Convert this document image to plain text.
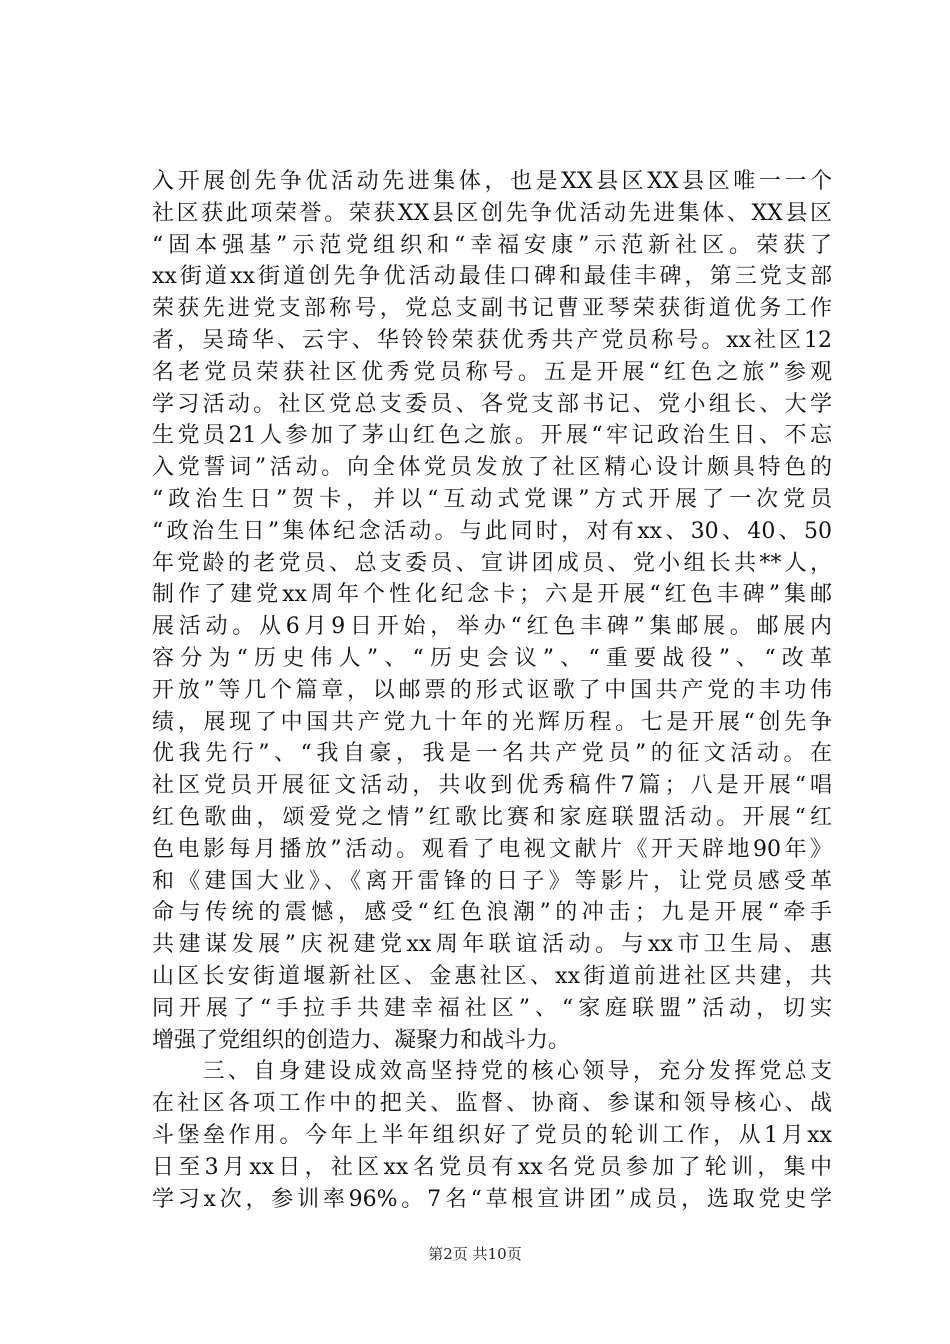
入开展创先争优活动先进集体，也是XX县区XX县区唯一一个
社区获此项荣誉。荣获XX县区创先争优活动先进集体、XX县区
“固本强基”示范党组织和“幸福安康”示范新社区。荣获了
xx街道xx街道创先争优活动最佳口碑和最佳丰碑，第三党支部
荣获先进党支部称号，党总支副书记曹亚琴荣获街道优务工作
者，吴琦华、云宇、华铃铃荣获优秀共产党员称号。xx社区12
名老党员荣获社区优秀党员称号。五是开展“红色之旅”参观
学习活动。社区党总支委员、各党支部书记、党小组长、大学
生党员21人参加了茅山红色之旅。开展“牢记政治生日、不忘
入党誓词”活动。向全体党员发放了社区精心设计颇具特色的
“政治生日”贺卡，并以“互动式党课”方式开展了一次党员
“政治生日”集体纪念活动。与此同时，对有xx、30、40、50
年党龄的老党员、总支委员、宣讲团成员、党小组长共**人，
制作了建党xx周年个性化纪念卡；六是开展“红色丰碑”集邮
展活动。从6月9日开始，举办“红色丰碑”集邮展。邮展内
容分为“历史伟人”、“历史会议”、“重要战役”、“改革
开放”等几个篇章，以邮票的形式讴歌了中国共产党的丰功伟
绩，展现了中国共产党九十年的光辉历程。七是开展“创先争
优我先行”、“我自豪，我是一名共产党员”的征文活动。在
社区党员开展征文活动，共收到优秀稿件7篇；八是开展“唱
红色歌曲，颂爱党之情”红歌比赛和家庭联盟活动。开展“红
色电影每月播放”活动。观看了电视文献片《开天辟地90年》
和《建国大业》、《离开雷锋的日子》等影片，让党员感受革
命与传统的震憾，感受“红色浪潮”的冲击；九是开展“牵手
共建谋发展”庆祝建党xx周年联谊活动。与xx市卫生局、惠
山区长安街道堰新社区、金惠社区、xx街道前进社区共建，共
同开展了“手拉手共建幸福社区”、“家庭联盟”活动，切实
增强了党组织的创造力、凝聚力和战斗力。
　　三、自身建设成效高坚持党的核心领导，充分发挥党总支
在社区各项工作中的把关、监督、协商、参谋和领导核心、战
斗堡垒作用。今年上半年组织好了党员的轮训工作，从1月xx
日至3月xx日，社区xx名党员有xx名党员参加了轮训，集中
学习x次，参训率96%。7名“草根宣讲团”成员，选取党史学
第2页 共10页
